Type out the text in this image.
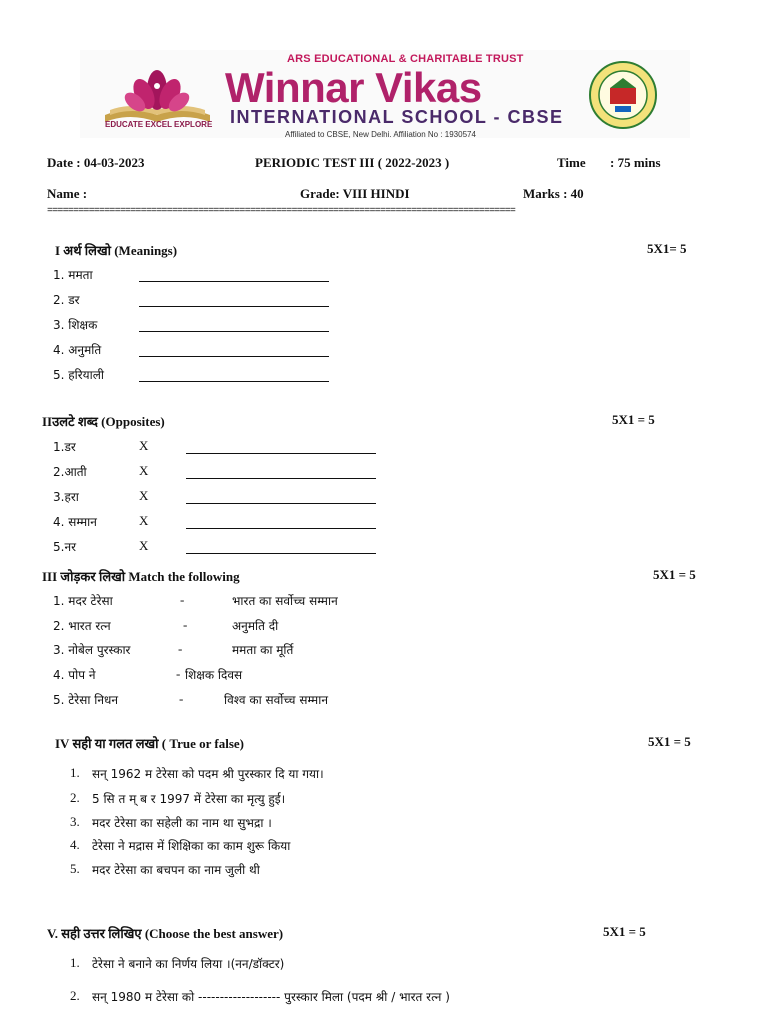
EDUCATE EXCEL EXPLORE
ARS EDUCATIONAL & CHARITABLE TRUST
Winnar Vikas
INTERNATIONAL SCHOOL - CBSE
Affiliated to CBSE, New Delhi. Affiliation No : 1930574
Date : 04-03-2023	PERIODIC TEST III ( 2022-2023 )	Time : 75 mins
Name :	Grade: VIII HINDI	Marks : 40
==========================================================================================
I अर्थ लिखो (Meanings)	5X1= 5
1. ममता
2. डर
3. शिक्षक
4. अनुमति
5. हरियाली
IIउलटे शब्द (Opposites)	5X1 = 5
1.डर	X
2.आती	X
3.हरा	X
4. सम्मान	X
5.नर	X
III जोड़कर लिखो Match the following	5X1 = 5
1. मदर टेरेसा	-	भारत का सर्वोच्च सम्मान
2. भारत रत्न	-	अनुमति दी
3. नोबेल पुरस्कार	-	ममता का मूर्ति
4. पोप ने	- शिक्षक दिवस
5. टेरेसा निधन	-	विश्व का सर्वोच्च सम्मान
IV सही या गलत लखो ( True or false)	5X1 = 5
1. सन् 1962 म टेरेसा को पदम श्री पुरस्कार दि या गया।
2. 5 सि त म् ब र 1997 में टेरेसा का मृत्यु हुई।
3. मदर टेरेसा का सहेली का नाम था सुभद्रा ।
4. टेरेसा ने मद्रास में शिक्षिका का काम शुरू किया
5. मदर टेरेसा का बचपन का नाम जुली थी
V. सही उत्तर लिखिए (Choose the best answer)	5X1 = 5
1. टेरेसा ने बनाने का निर्णय लिया ।(नन/डॉक्टर)
2. सन् 1980 म टेरेसा को ------------------- पुरस्कार मिला (पदम श्री / भारत रत्न )
